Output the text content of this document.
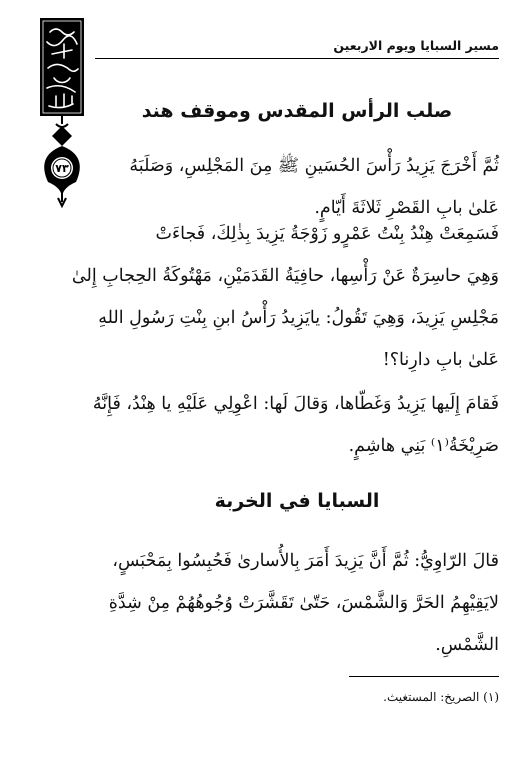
٧٣
مسير السبايا ويوم الاربعين
صلب الرأس المقدس وموقف هند
ثُمَّ أَخْرَجَ يَزِيدُ رَأْسَ الحُسَينِ ﷺ مِنَ المَجْلِسِ، وَصَلَبَهُ
عَلىٰ بابِ القَصْرِ ثَلاثَةَ أَيّامٍ.
فَسَمِعَتْ هِنْدُ بِنْتُ عَمْرٍو زَوْجَةُ يَزِيدَ بِذٰلِكَ، فَجاءَتْ
وَهِيَ حاسِرَةٌ عَنْ رَأْسِها، حافِيَةُ القَدَمَيْنِ، مَهْتُوكَةُ الحِجابِ إِلىٰ
مَجْلِسِ يَزِيدَ، وَهِيَ تَقُولُ: يايَزِيدُ رَأْسُ ابنِ بِنْتِ رَسُولِ اللهِ
عَلىٰ بابِ دارِنا؟!
فَقامَ إِلَيها يَزِيدُ وَغَطّاها، وَقالَ لَها: اعْوِلِي عَلَيْهِ يا هِنْدُ، فَإِنَّهُ
صَرِيْخَةُ⁽١⁾ بَنِي هاشِمٍ.
السبايا في الخربة
قالَ الرّاوِيُّ: ثُمَّ أَنَّ يَزِيدَ أَمَرَ بِالأُسارىٰ فَحُبِسُوا بِمَحْبَسٍ،
لايَقِيْهِمُ الحَرَّ وَالشَّمْسَ، حَتّىٰ تَقَشَّرَتْ وُجُوهُهُمْ مِنْ شِدَّةِ
الشَّمْسِ.
(١) الصريخ: المستغيث.
